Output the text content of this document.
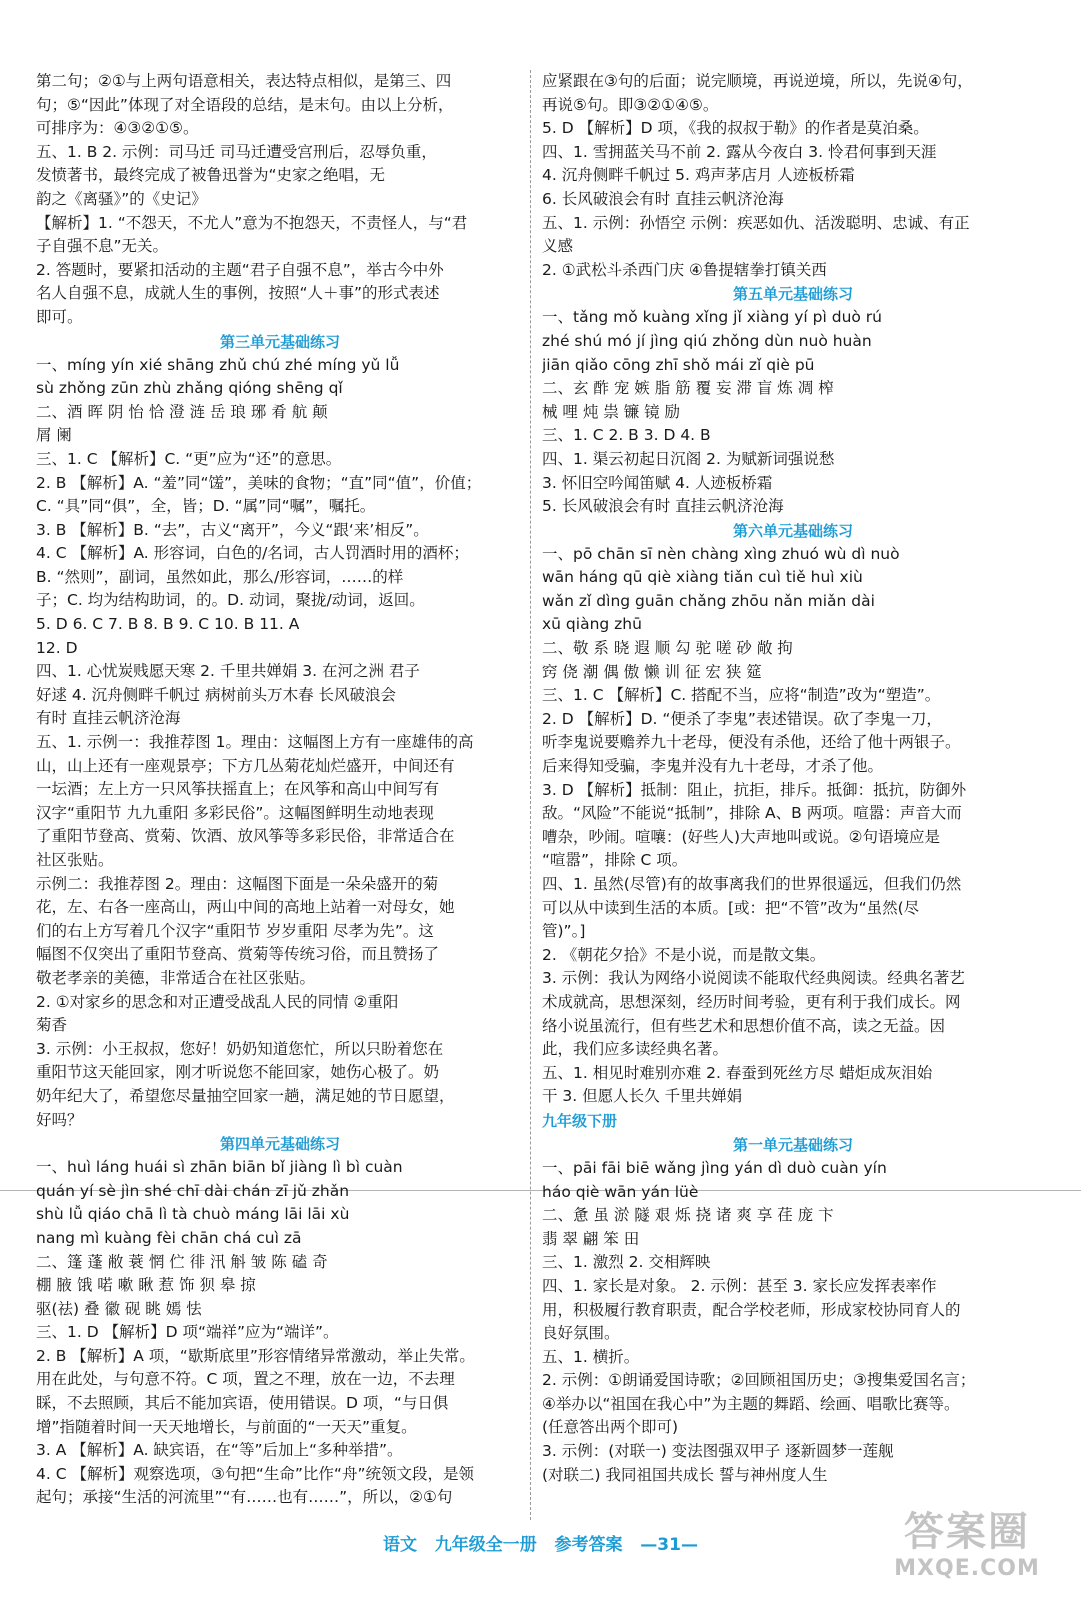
第二句；②①与上两句语意相关，表达特点相似，是第三、四
句；⑤“因此”体现了对全语段的总结，是末句。由以上分析，
可排序为：④③②①⑤。
五、1. B 2. 示例：司马迁 司马迁遭受宫刑后，忍辱负重，
发愤著书，最终完成了被鲁迅誉为“史家之绝唱，无
韵之《离骚》”的《史记》
【解析】1. “不怨天，不尤人”意为不抱怨天，不责怪人，与“君
子自强不息”无关。
2. 答题时，要紧扣活动的主题“君子自强不息”，举古今中外
名人自强不息，成就人生的事例，按照“人＋事”的形式表述
即可。
第三单元基础练习
一、míng yín xié shāng zhǔ chú zhé míng yǔ lǚ
sù zhǒng zūn zhù zhǎng qióng shēng qǐ
二、酒 晖 阴 怡 恰 澄 涟 岳 琅 琊 肴 航 颠
屑 阑
三、1. C 【解析】C. “更”应为“还”的意思。
2. B 【解析】A. “羞”同“馐”，美味的食物；“直”同“值”，价值；
C. “具”同“俱”，全，皆；D. “属”同“嘱”，嘱托。
3. B 【解析】B. “去”，古义“离开”，今义“跟‘来’相反”。
4. C 【解析】A. 形容词，白色的/名词，古人罚酒时用的酒杯；
B. “然则”，副词，虽然如此，那么/形容词，……的样
子；C. 均为结构助词，的。D. 动词，聚拢/动词，返回。
5. D 6. C 7. B 8. B 9. C 10. B 11. A
12. D
四、1. 心忧炭贱愿天寒 2. 千里共婵娟 3. 在河之洲 君子
好逑 4. 沉舟侧畔千帆过 病树前头万木春 长风破浪会
有时 直挂云帆济沧海
五、1. 示例一：我推荐图 1。理由：这幅图上方有一座雄伟的高
山，山上还有一座观景亭；下方几丛菊花灿烂盛开，中间还有
一坛酒；左上方一只风筝扶摇直上；在风筝和高山中间写有
汉字“重阳节 九九重阳 多彩民俗”。这幅图鲜明生动地表现
了重阳节登高、赏菊、饮酒、放风筝等多彩民俗，非常适合在
社区张贴。
示例二：我推荐图 2。理由：这幅图下面是一朵朵盛开的菊
花，左、右各一座高山，两山中间的高地上站着一对母女，她
们的右上方写着几个汉字“重阳节 岁岁重阳 尽孝为先”。这
幅图不仅突出了重阳节登高、赏菊等传统习俗，而且赞扬了
敬老孝亲的美德，非常适合在社区张贴。
2. ①对家乡的思念和对正遭受战乱人民的同情 ②重阳
菊香
3. 示例：小王叔叔，您好！奶奶知道您忙，所以只盼着您在
重阳节这天能回家，刚才听说您不能回家，她伤心极了。奶
奶年纪大了，希望您尽量抽空回家一趟，满足她的节日愿望，
好吗？
第四单元基础练习
一、huì láng huái sì zhān biān bǐ jiàng lì bì cuàn
quán yí sè jìn shé chī dài chán zī jǔ zhǎn
shù lǚ qiáo chā lì tà chuò máng lāi lāi xù
nang mì kuàng fèi chān chá cuì zā
二、篷 蓬 敝 蓑 惘 伫 徘 汛 斛 皱 陈 磕 奇
棚 腋 饿 喏 嗽 瞅 惹 饰 狈 皋 掠
驱(祛) 叠 徽 砚 眺 嫣 怯
三、1. D 【解析】D 项“端祥”应为“端详”。
2. B 【解析】A 项，“歇斯底里”形容情绪异常激动，举止失常。
用在此处，与句意不符。C 项，置之不理，放在一边，不去理
睬，不去照顾，其后不能加宾语，使用错误。D 项，“与日俱
增”指随着时间一天天地增长，与前面的“一天天”重复。
3. A 【解析】A. 缺宾语，在“等”后加上“多种举措”。
4. C 【解析】观察选项，③句把“生命”比作“舟”统领文段，是领
起句；承接“生活的河流里”“有……也有……”，所以，②①句
应紧跟在③句的后面；说完顺境，再说逆境，所以，先说④句，
再说⑤句。即③②①④⑤。
5. D 【解析】D 项，《我的叔叔于勒》的作者是莫泊桑。
四、1. 雪拥蓝关马不前 2. 露从今夜白 3. 怜君何事到天涯
4. 沉舟侧畔千帆过 5. 鸡声茅店月 人迹板桥霜
6. 长风破浪会有时 直挂云帆济沧海
五、1. 示例：孙悟空 示例：疾恶如仇、活泼聪明、忠诚、有正
义感
2. ①武松斗杀西门庆 ④鲁提辖拳打镇关西
第五单元基础练习
一、tǎng mǒ kuàng xǐng jǐ xiàng yí pì duò rú
zhé shú mó jí jìng qiú zhǒng dùn nuò huàn
jiān qiǎo cōng zhī shǒ mái zǐ qiè pū
二、玄 酢 宠 嫉 脂 筋 覆 妄 滞 盲 炼 凋 榨
械 哩 炖 祟 镰 镜 励
三、1. C 2. B 3. D 4. B
四、1. 渠云初起日沉阁 2. 为赋新词强说愁
3. 怀旧空吟闻笛赋 4. 人迹板桥霜
5. 长风破浪会有时 直挂云帆济沧海
第六单元基础练习
一、pō chān sī nèn chàng xìng zhuó wù dì nuò
wān háng qū qiè xiàng tiǎn cuì tiě huì xiù
wǎn zǐ dìng guān chǎng zhōu nǎn miǎn dài
xū qiàng zhū
二、敬 系 晓 遐 顺 勾 驼 嗟 砂 敞 拘
窍 侥 潮 偶 傲 懒 训 征 宏 狭 筵
三、1. C 【解析】C. 搭配不当，应将“制造”改为“塑造”。
2. D 【解析】D. “便杀了李鬼”表述错误。砍了李鬼一刀，
听李鬼说要赡养九十老母，便没有杀他，还给了他十两银子。
后来得知受骗，李鬼并没有九十老母，才杀了他。
3. D 【解析】抵制：阻止，抗拒，排斥。抵御：抵抗，防御外
敌。“风险”不能说“抵制”，排除 A、B 两项。喧嚣：声音大而
嘈杂，吵闹。喧嚷：(好些人)大声地叫或说。②句语境应是
“喧嚣”，排除 C 项。
四、1. 虽然(尽管)有的故事离我们的世界很遥远，但我们仍然
可以从中读到生活的本质。[或：把“不管”改为“虽然(尽
管)”。]
2. 《朝花夕拾》不是小说，而是散文集。
3. 示例：我认为网络小说阅读不能取代经典阅读。经典名著艺
术成就高，思想深刻，经历时间考验，更有利于我们成长。网
络小说虽流行，但有些艺术和思想价值不高，读之无益。因
此，我们应多读经典名著。
五、1. 相见时难别亦难 2. 春蚕到死丝方尽 蜡炬成灰泪始
干 3. 但愿人长久 千里共婵娟
九年级下册
第一单元基础练习
一、pāi fāi biē wǎng jìng yán dì duò cuàn yín
háo qiè wān yán lüè
二、惫 虽 淤 隧 艰 烁 挠 诸 爽 享 荏 庞 卞
翡 翠 翩 笨 田
三、1. 激烈 2. 交相辉映
四、1. 家长是对象。 2. 示例：甚至 3. 家长应发挥表率作
用，积极履行教育职责，配合学校老师，形成家校协同育人的
良好氛围。
五、1. 横折。
2. 示例：①朗诵爱国诗歌；②回顾祖国历史；③搜集爱国名言；
④举办以“祖国在我心中”为主题的舞蹈、绘画、唱歌比赛等。
(任意答出两个即可)
3. 示例：(对联一) 变法图强双甲子 逐新圆梦一莲舰
(对联二) 我同祖国共成长 誓与神州度人生
语文   九年级全一册   参考答案   —31—	答案圈
MXQE.COM
